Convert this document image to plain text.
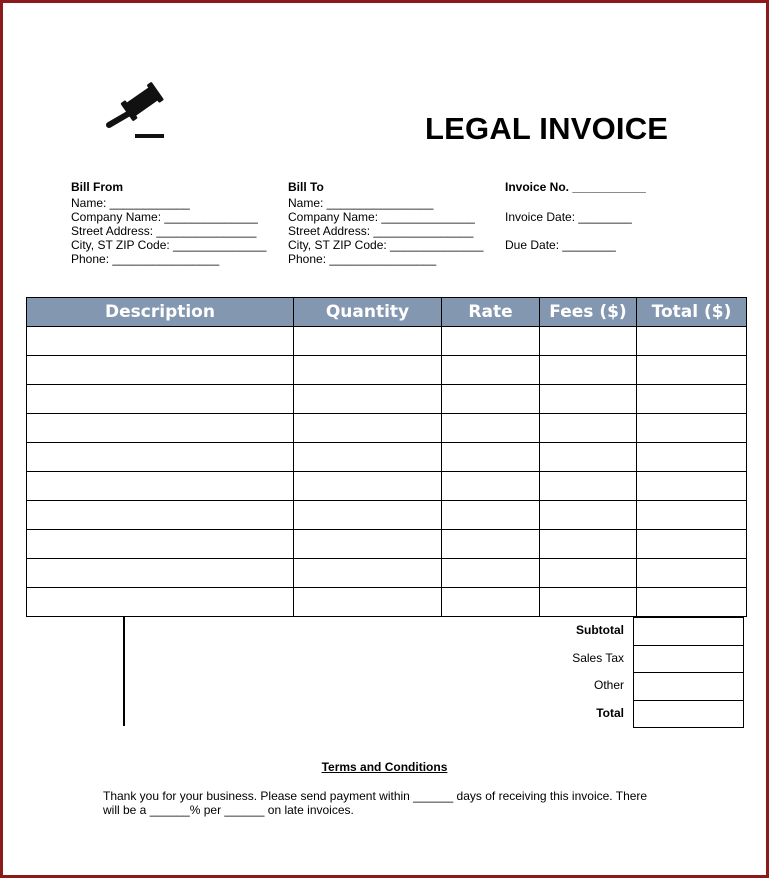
LEGAL INVOICE
Bill From
Name: ____________
Company Name: ______________
Street Address: _______________
City, ST ZIP Code: ______________
Phone: ________________
Bill To
Name: ________________
Company Name: ______________
Street Address: _______________
City, ST ZIP Code: ______________
Phone: ________________
Invoice No. ___________
Invoice Date: ________
Due Date: ________
Description	Quantity	Rate	Fees ($)	Total ($)

Subtotal
Sales Tax
Other
Total

Terms and Conditions
Thank you for your business. Please send payment within ______ days of receiving this invoice. There will be a ______% per ______ on late invoices.
